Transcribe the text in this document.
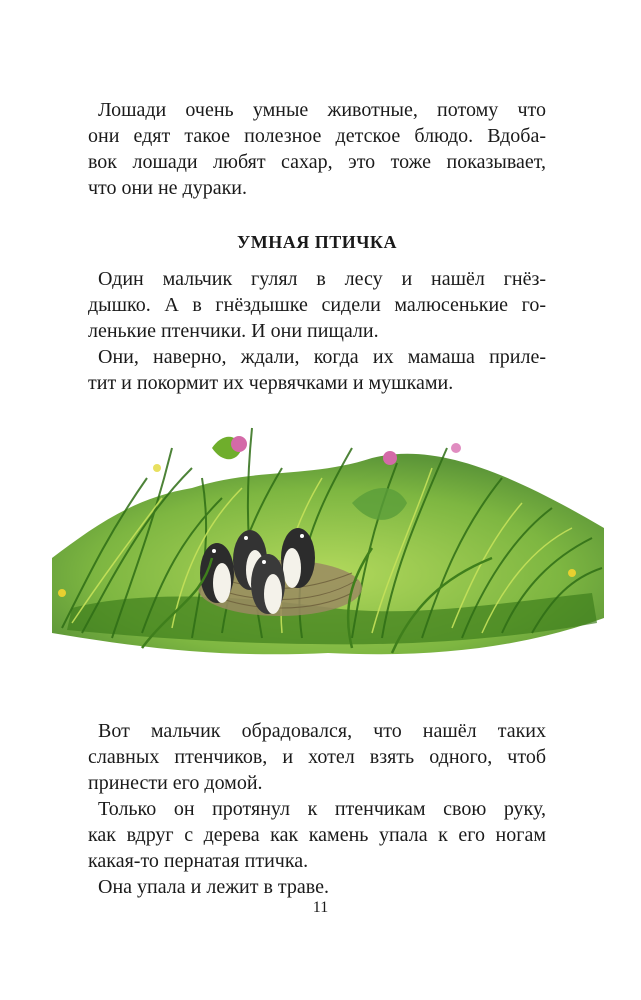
Лошади очень умные животные, потому что
они едят такое полезное детское блюдо. Вдоба-
вок лошади любят сахар, это тоже показывает,
что они не дураки.
УМНАЯ ПТИЧКА
Один мальчик гулял в лесу и нашёл гнёз-
дышко. А в гнёздышке сидели малюсенькие го-
ленькие птенчики. И они пищали.
Они, наверно, ждали, когда их мамаша приле-
тит и покормит их червячками и мушками.
Вот мальчик обрадовался, что нашёл таких
славных птенчиков, и хотел взять одного, чтоб
принести его домой.
Только он протянул к птенчикам свою руку,
как вдруг с дерева как камень упала к его ногам
какая-то пернатая птичка.
Она упала и лежит в траве.
11
